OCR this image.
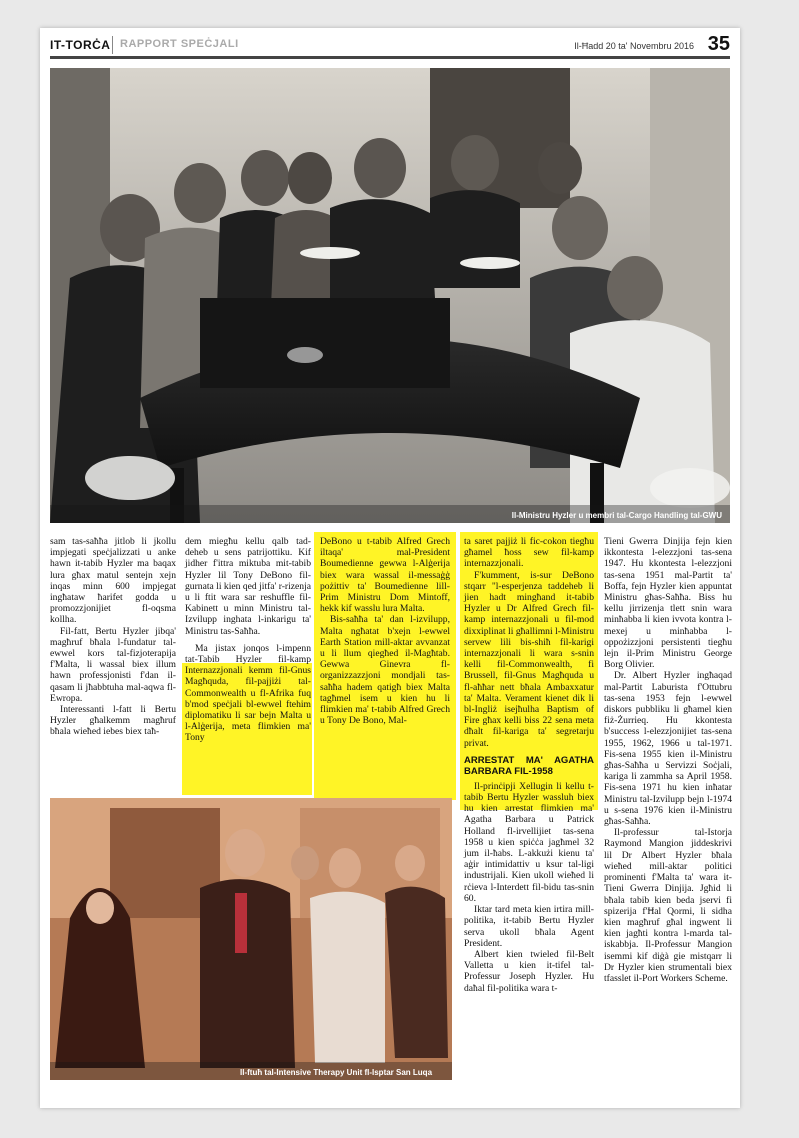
IT-TORĊA RAPPORT SPEĊJALI	Il-Ħadd 20 ta' Novembru 2016 35
Il-Ministru Hyzler u membri tal-Cargo Handling tal-GWU

sam tas-saħħa jitlob li jkollu impjegati speċjalizzati u anke hawn it-tabib Hyzler ma baqax lura għax matul sentejn xejn inqas minn 600 impjegat ingħataw ħarifet godda u promozzjonijiet fl-oqsma kollha.

Fil-fatt, Bertu Hyzler jibqa' magħruf bħala l-fundatur tal-ewwel kors tal-fizjoterapija f'Malta, li wassal biex illum hawn professjonisti f'dan il-qasam li jħabbtuha mal-aqwa fl-Ewropa.

Interessanti l-fatt li Bertu Hyzler għalkemm magħruf bħala wieħed iebes biex taħ-

dem miegħu kellu qalb tad-deheb u sens patrijottiku. Kif jidher f'ittra miktuba mit-tabib Hyzler lil Tony DeBono fil-gurnata li kien qed jitfa' r-rizenja u li ftit wara sar reshuffle fil-Kabinett u minn Ministru tal-Izvilupp inghata l-inkarigu ta' Ministru tas-Saħħa.

Ma jistax jonqos l-impenn tat-Tabib Hyzler fil-kamp Internazzjonali kemm fil-Gnus Magħquda, fil-pajjiżi tal-Commonwealth u fl-Afrika fuq b'mod speċjali bl-ewwel ftehim diplomatiku li sar bejn Malta u l-Alġerija, meta flimkien ma' Tony

DeBono u t-tabib Alfred Grech iltaqa' mal-President Boumedienne gewwa l-Alġerija biex wara wassal il-messaġġ pożittiv ta' Boumedienne lill-Prim Ministru Dom Mintoff, hekk kif wasslu lura Malta.

Bis-saħħa ta' dan l-izvilupp, Malta ngħatat b'xejn l-ewwel Earth Station mill-aktar avvanzat u li llum qiegħed il-Magħtab. Gewwa Ginevra fl-organizzazzjoni mondjali tas-saħħa hadem qatigħ biex Malta tagħmel isem u kien hu li flimkien ma' t-tabib Alfred Grech u Tony De Bono, Mal-

ta saret pajjiż li fic-cokon tiegħu għamel ħoss sew fil-kamp internazzjonali.

F'kumment, is-sur DeBono stqarr "l-esperjenza taddeheb li jien hadt mingħand it-tabib Hyzler u Dr Alfred Grech fil-kamp internazzjonali u fil-mod dixxiplinat li għallimni l-Ministru servew lili bis-shiħ fil-karigi internazzjonali li wara s-snin kelli fil-Commonwealth, fi Brussell, fil-Gnus Magħquda u fl-aħħar nett bħala Ambaxxatur ta' Malta. Verament kienet dik li bl-Ingliż isejħulha Baptism of Fire għax kelli biss 22 sena meta dħalt fil-kariga ta' segretarju privat.

ARRESTAT MA' AGATHA BARBARA FIL-1958

Il-prinċipji Xellugin li kellu t-tabib Bertu Hyzler wassluh biex hu kien arrestat flimkien ma' Agatha Barbara u Patrick Holland fl-irvellijiet tas-sena 1958 u kien spiċċa jagħmel 32 jum il-ħabs. L-akkużi kienu ta' aġir intimidattiv u ksur tal-ligi industrijali. Kien ukoll wieħed li rċieva l-Interdett fil-bidu tas-snin 60.

Iktar tard meta kien irtira mill-politika, it-tabib Bertu Hyzler serva ukoll bħala Agent President.

Albert kien twieled fil-Belt Valletta u kien it-tifel tal-Professur Joseph Hyzler. Hu daħal fil-politika wara t-

Tieni Gwerra Dinjija fejn kien ikkontesta l-elezzjoni tas-sena 1947. Hu kkontesta l-elezzjoni tas-sena 1951 mal-Partit ta' Boffa, fejn Hyzler kien appuntat Ministru għas-Saħħa. Biss hu kellu jirrizenja tlett snin wara minħabba li kien ivvota kontra l-mexej u minħabba l-oppożizzjoni persistenti tiegħu lejn il-Prim Ministru George Borg Olivier.

Dr. Albert Hyzler ingħaqad mal-Partit Laburista f'Ottubru tas-sena 1953 fejn l-ewwel diskors pubbliku li għamel kien fiż-Żurrieq. Hu kkontesta b'success l-elezzjonijiet tas-sena 1955, 1962, 1966 u tal-1971. Fis-sena 1955 kien il-Ministru għas-Saħħa u Servizzi Soċjali, kariga li zammha sa April 1958. Fis-sena 1971 hu kien inħatar Ministru tal-Izvilupp bejn l-1974 u s-sena 1976 kien il-Ministru għas-Saħħa.

Il-professur tal-Istorja Raymond Mangion jiddeskrivi lil Dr Albert Hyzler bħala wieħed mill-aktar politici prominenti f'Malta ta' wara it-Tieni Gwerra Dinjija. Jgħid li bħala tabib kien beda jservi fi spizerija f'Ħal Qormi, li sidha kien magħruf għal ingwent li kien jagħti kontra l-marda tal-iskabbja. Il-Professur Mangion isemmi kif diġà gie mistqarr li Dr Hyzler kien strumentali biex tfasslet il-Port Workers Scheme.

Il-ftuħ tal-Intensive Therapy Unit fl-Isptar San Luqa
